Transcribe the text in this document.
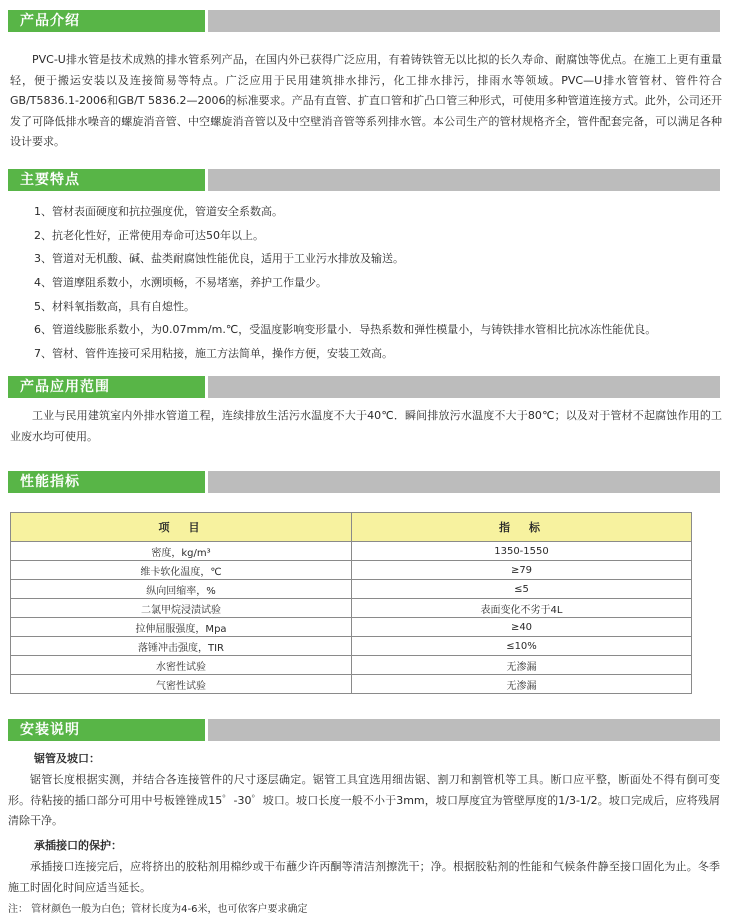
产品介绍

PVC-U排水管是技术成熟的排水管系列产品，在国内外已获得广泛应用，有着铸铁管无以比拟的长久寿命、耐腐蚀等优点。在施工上更有重量轻，便于搬运安装以及连接简易等特点。广泛应用于民用建筑排水排污，化工排水排污，排雨水等领域。PVC—U排水管管材、管件符合GB/T5836.1-2006和GB/T 5836.2—2006的标准要求。产品有直管、扩直口管和扩凸口管三种形式，可使用多种管道连接方式。此外，公司还开发了可降低排水噪音的螺旋消音管、中空螺旋消音管以及中空壁消音管等系列排水管。本公司生产的管材规格齐全，管件配套完备，可以满足各种设计要求。

主要特点
1、管材表面硬度和抗拉强度优，管道安全系数高。
2、抗老化性好，正常使用寿命可达50年以上。
3、管道对无机酸、碱、盐类耐腐蚀性能优良，适用于工业污水排放及输送。
4、管道摩阻系数小，水溯顷畅，不易堵塞，养护工作量少。
5、材料氧指数高，具有自熄性。
6、管道线膨胀系数小，为0.07mm/m.℃，受温度影响变形量小．导热系数和弹性模量小，与铸铁排水管相比抗冰冻性能优良。
7、管材、管件连接可采用粘接，施工方法简单，操作方便，安装工效高。
产品应用范围

工业与民用建筑室内外排水管道工程，连续排放生活污水温度不大于40℃．瞬间排放污水温度不大于80℃；以及对于管材不起腐蚀作用的工业废水均可使用。

性能指标
项　目	指　标
密度，kg/m³	1350-1550
维卡软化温度，℃	≥79
纵向回缩率，%	≤5
二氯甲烷浸渍试验	表面变化不劣于4L
拉伸屈服强度，Mpa	≥40
落锤冲击强度，TIR	≤10%
水密性试验	无渗漏
气密性试验	无渗漏
安装说明
锯管及坡口：

锯管长度根据实测，并结合各连接管件的尺寸逐层确定。锯管工具宜选用细齿锯、割刀和割管机等工具。断口应平整，断面处不得有倒可变形。待粘接的插口部分可用中号板锉锉成15゜-30゜坡口。坡口长度一般不小于3mm，坡口厚度宜为管壁厚度的1/3-1/2。坡口完成后，应将残屑清除干净。

承插接口的保护：

承插接口连接完后，应将挤出的胶粘剂用棉纱或干布蘸少许丙酮等清洁剂擦洗干；净。根据胶粘剂的性能和气候条件静至接口固化为止。冬季施工时固化时间应适当延长。

注： 管材颜色一般为白色；管材长度为4-6米，也可依客户要求确定
